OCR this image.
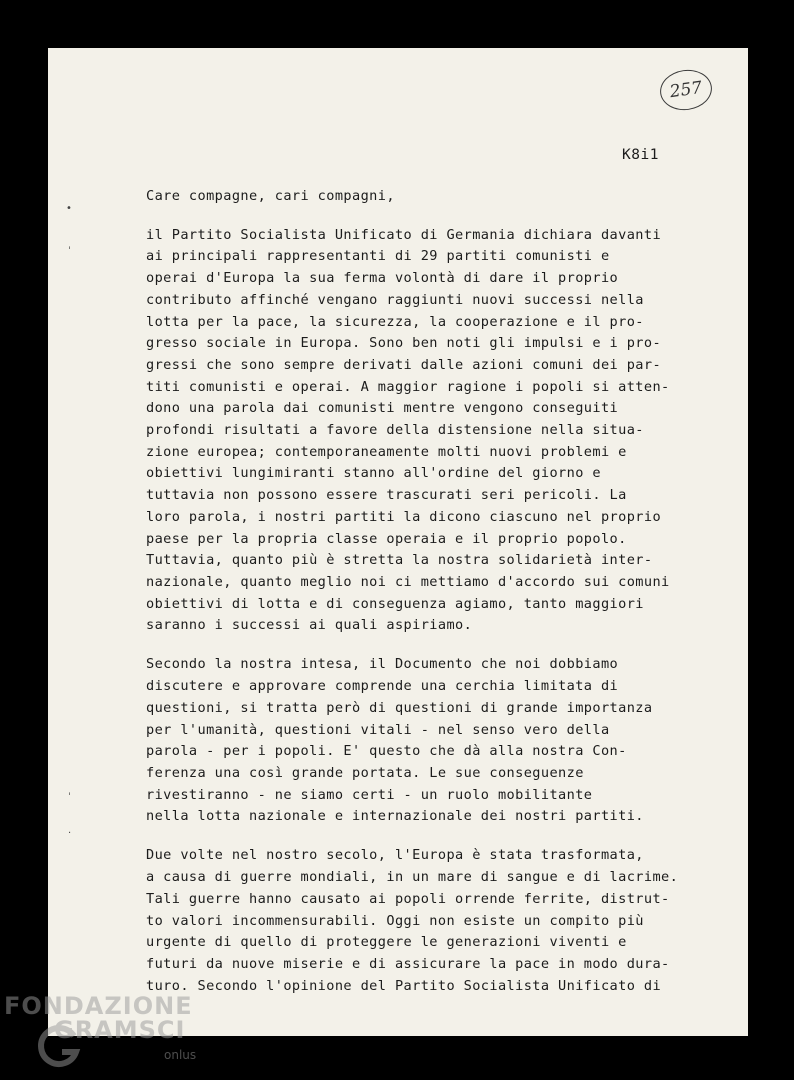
257
K8i1
•
ˈ
ˈ
·
Care compagne, cari compagni,
il Partito Socialista Unificato di Germania dichiara davanti
ai principali rappresentanti di 29 partiti comunisti e
operai d'Europa la sua ferma volontà di dare il proprio
contributo affinché vengano raggiunti nuovi successi nella
lotta per la pace, la sicurezza, la cooperazione e il pro-
gresso sociale in Europa. Sono ben noti gli impulsi e i pro-
gressi che sono sempre derivati dalle azioni comuni dei par-
titi comunisti e operai. A maggior ragione i popoli si atten-
dono una parola dai comunisti mentre vengono conseguiti
profondi risultati a favore della distensione nella situa-
zione europea; contemporaneamente molti nuovi problemi e
obiettivi lungimiranti stanno all'ordine del giorno e
tuttavia non possono essere trascurati seri pericoli. La
loro parola, i nostri partiti la dicono ciascuno nel proprio
paese per la propria classe operaia e il proprio popolo.
Tuttavia, quanto più è stretta la nostra solidarietà inter-
nazionale, quanto meglio noi ci mettiamo d'accordo sui comuni
obiettivi di lotta e di conseguenza agiamo, tanto maggiori
saranno i successi ai quali aspiriamo.
Secondo la nostra intesa, il Documento che noi dobbiamo
discutere e approvare comprende una cerchia limitata di
questioni, si tratta però di questioni di grande importanza
per l'umanità, questioni vitali - nel senso vero della
parola - per i popoli. E' questo che dà alla nostra Con-
ferenza una così grande portata. Le sue conseguenze
rivestiranno - ne siamo certi - un ruolo mobilitante
nella lotta nazionale e internazionale dei nostri partiti.
Due volte nel nostro secolo, l'Europa è stata trasformata,
a causa di guerre mondiali, in un mare di sangue e di lacrime.
Tali guerre hanno causato ai popoli orrende ferrite, distrut-
to valori incommensurabili. Oggi non esiste un compito più
urgente di quello di proteggere le generazioni viventi e
futuri da nuove miserie e di assicurare la pace in modo dura-
turo. Secondo l'opinione del Partito Socialista Unificato di
FONDAZIONE
GRAMSCI
onlus
